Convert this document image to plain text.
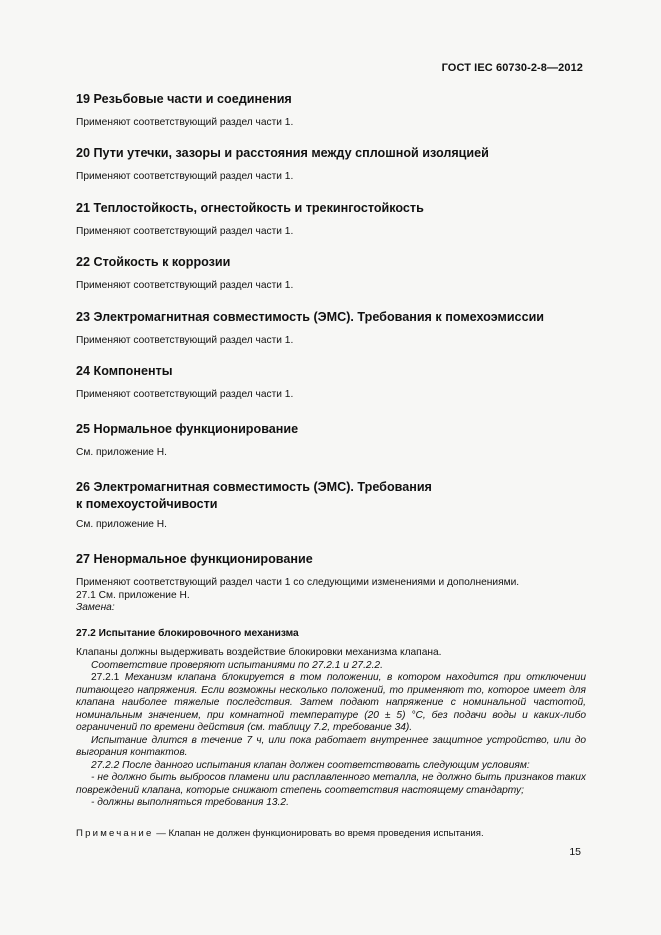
ГОСТ IEC 60730-2-8—2012
19 Резьбовые части и соединения
Применяют соответствующий раздел части 1.
20 Пути утечки, зазоры и расстояния между сплошной изоляцией
Применяют соответствующий раздел части 1.
21 Теплостойкость, огнестойкость и трекингостойкость
Применяют соответствующий раздел части 1.
22 Стойкость к коррозии
Применяют соответствующий раздел части 1.
23 Электромагнитная совместимость (ЭМС). Требования к помехоэмиссии
Применяют соответствующий раздел части 1.
24 Компоненты
Применяют соответствующий раздел части 1.
25 Нормальное функционирование
См. приложение Н.
26 Электромагнитная совместимость (ЭМС). Требования
к помехоустойчивости
См. приложение Н.
27 Ненормальное функционирование
Применяют соответствующий раздел части 1 со следующими изменениями и дополнениями.
27.1 См. приложение Н.
Замена:
27.2 Испытание блокировочного механизма
Клапаны должны выдерживать воздействие блокировки механизма клапана.
Соответствие проверяют испытаниями по 27.2.1 и 27.2.2.
27.2.1 Механизм клапана блокируется в том положении, в котором находится при отключении питающего напряжения. Если возможны несколько положений, то применяют то, которое имеет для клапана наиболее тяжелые последствия. Затем подают напряжение с номинальной частотой, номинальным значением, при комнатной температуре (20 ± 5) °С, без подачи воды и каких-либо ограничений по времени действия (см. таблицу 7.2, требование 34).
Испытание длится в течение 7 ч, или пока работает внутреннее защитное устройство, или до выгорания контактов.
27.2.2 После данного испытания клапан должен соответствовать следующим условиям:
- не должно быть выбросов пламени или расплавленного металла, не должно быть признаков таких повреждений клапана, которые снижают степень соответствия настоящему стандарту;
- должны выполняться требования 13.2.
Примечание — Клапан не должен функционировать во время проведения испытания.
15
